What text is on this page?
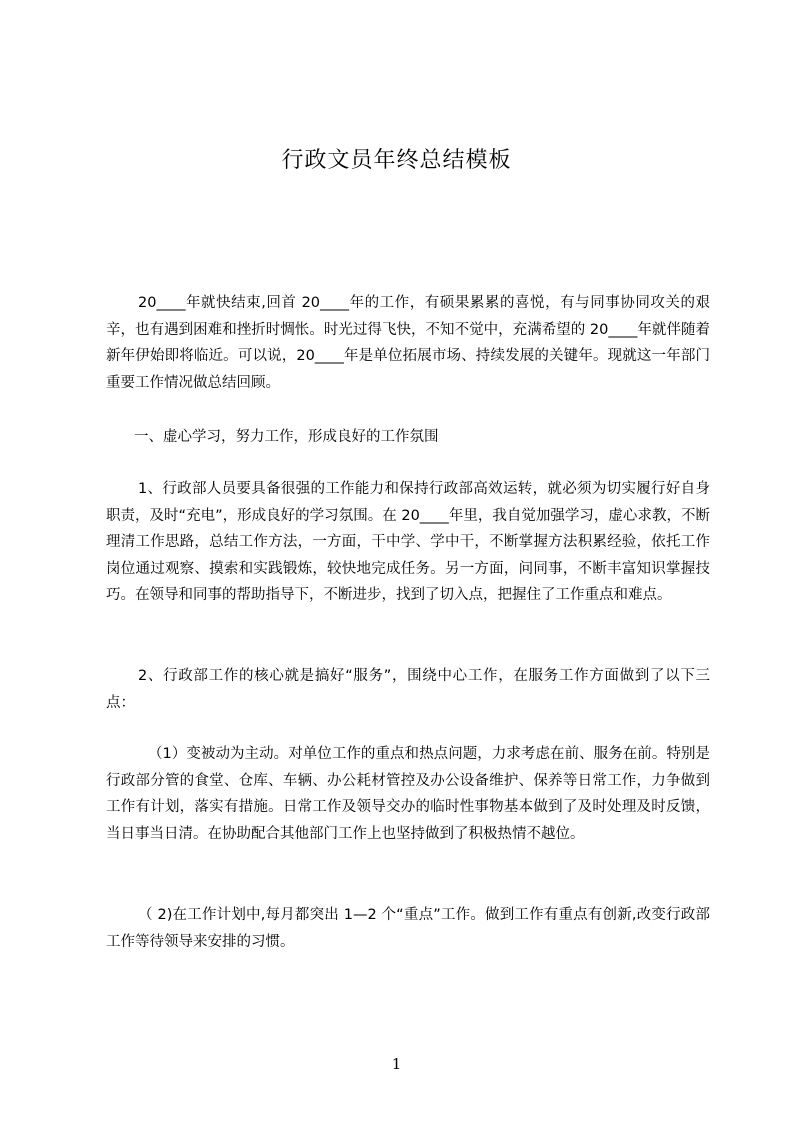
行政文员年终总结模板

20____年就快结束,回首 20____年的工作，有硕果累累的喜悦，有与同事协同攻关的艰辛，也有遇到困难和挫折时惆怅。时光过得飞快，不知不觉中，充满希望的 20____年就伴随着新年伊始即将临近。可以说，20____年是单位拓展市场、持续发展的关键年。现就这一年部门重要工作情况做总结回顾。

一、虚心学习，努力工作，形成良好的工作氛围

1、行政部人员要具备很强的工作能力和保持行政部高效运转，就必须为切实履行好自身职责，及时“充电”，形成良好的学习氛围。在 20____年里，我自觉加强学习，虚心求教，不断理清工作思路，总结工作方法，一方面，干中学、学中干，不断掌握方法积累经验，依托工作岗位通过观察、摸索和实践锻炼，较快地完成任务。另一方面，问同事，不断丰富知识掌握技巧。在领导和同事的帮助指导下，不断进步，找到了切入点，把握住了工作重点和难点。

2、行政部工作的核心就是搞好“服务”，围绕中心工作，在服务工作方面做到了以下三点：

（1）变被动为主动。对单位工作的重点和热点问题，力求考虑在前、服务在前。特别是行政部分管的食堂、仓库、车辆、办公耗材管控及办公设备维护、保养等日常工作，力争做到工作有计划，落实有措施。日常工作及领导交办的临时性事物基本做到了及时处理及时反馈，当日事当日清。在协助配合其他部门工作上也坚持做到了积极热情不越位。

（ 2)在工作计划中,每月都突出 1—2 个“重点”工作。做到工作有重点有创新,改变行政部工作等待领导来安排的习惯。

1
